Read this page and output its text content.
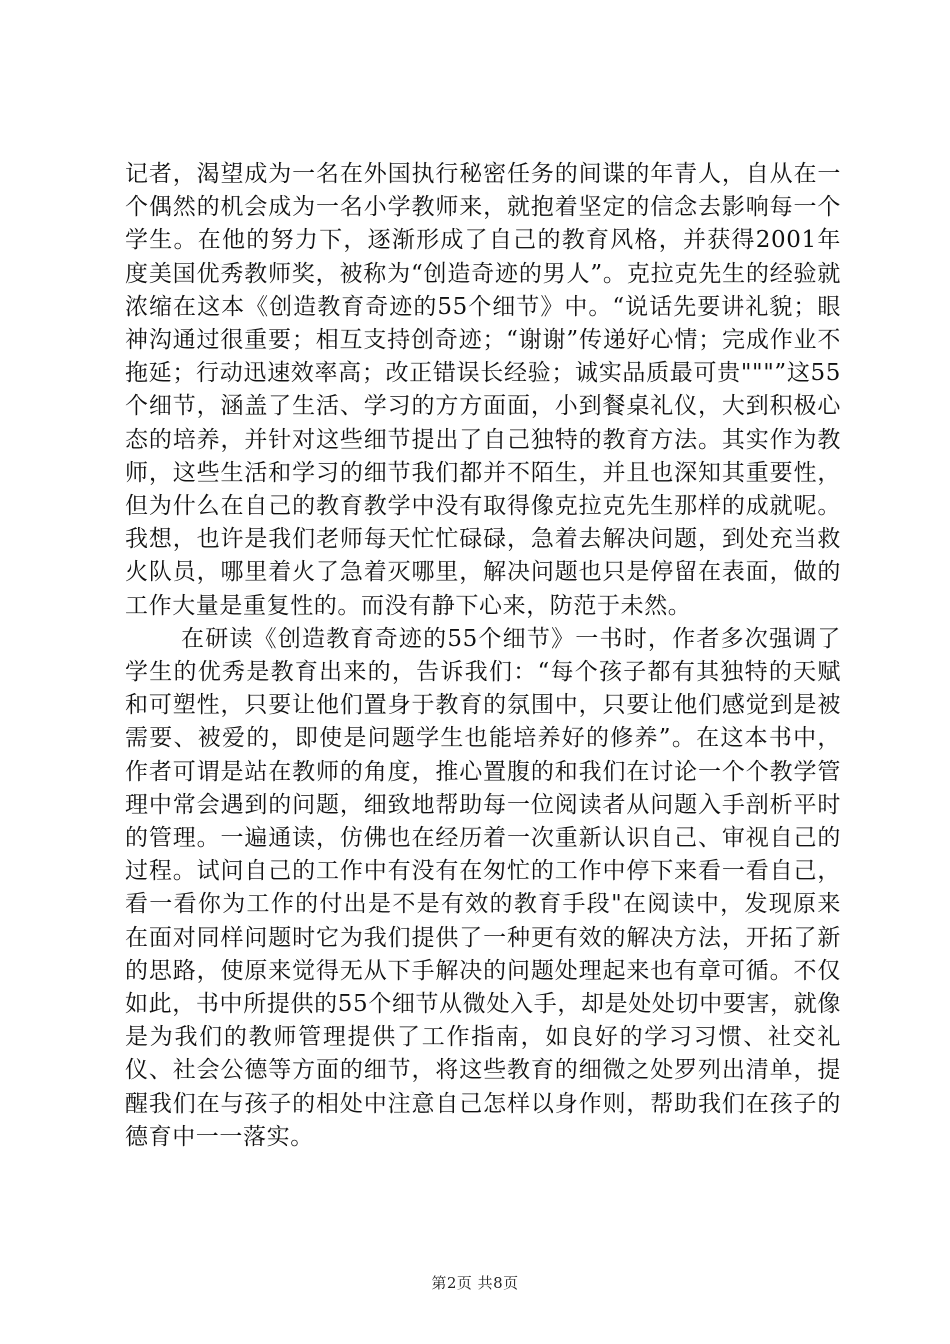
记者，渴望成为一名在外国执行秘密任务的间谍的年青人，自从在一个偶然的机会成为一名小学教师来，就抱着坚定的信念去影响每一个学生。在他的努力下，逐渐形成了自己的教育风格，并获得2001年度美国优秀教师奖，被称为“创造奇迹的男人”。克拉克先生的经验就浓缩在这本《创造教育奇迹的55个细节》中。“说话先要讲礼貌；眼神沟通过很重要；相互支持创奇迹；“谢谢”传递好心情；完成作业不拖延；行动迅速效率高；改正错误长经验；诚实品质最可贵"""”这55个细节，涵盖了生活、学习的方方面面，小到餐桌礼仪，大到积极心态的培养，并针对这些细节提出了自己独特的教育方法。其实作为教师，这些生活和学习的细节我们都并不陌生，并且也深知其重要性，但为什么在自己的教育教学中没有取得像克拉克先生那样的成就呢。我想，也许是我们老师每天忙忙碌碌，急着去解决问题，到处充当救火队员，哪里着火了急着灭哪里，解决问题也只是停留在表面，做的工作大量是重复性的。而没有静下心来，防范于未然。

在研读《创造教育奇迹的55个细节》一书时，作者多次强调了学生的优秀是教育出来的，告诉我们：“每个孩子都有其独特的天赋和可塑性，只要让他们置身于教育的氛围中，只要让他们感觉到是被需要、被爱的，即使是问题学生也能培养好的修养”。在这本书中，作者可谓是站在教师的角度，推心置腹的和我们在讨论一个个教学管理中常会遇到的问题，细致地帮助每一位阅读者从问题入手剖析平时的管理。一遍通读，仿佛也在经历着一次重新认识自己、审视自己的过程。试问自己的工作中有没有在匆忙的工作中停下来看一看自己，看一看你为工作的付出是不是有效的教育手段"在阅读中，发现原来在面对同样问题时它为我们提供了一种更有效的解决方法，开拓了新的思路，使原来觉得无从下手解决的问题处理起来也有章可循。不仅如此，书中所提供的55个细节从微处入手，却是处处切中要害，就像是为我们的教师管理提供了工作指南，如良好的学习习惯、社交礼仪、社会公德等方面的细节，将这些教育的细微之处罗列出清单，提醒我们在与孩子的相处中注意自己怎样以身作则，帮助我们在孩子的德育中一一落实。

第2页 共8页
